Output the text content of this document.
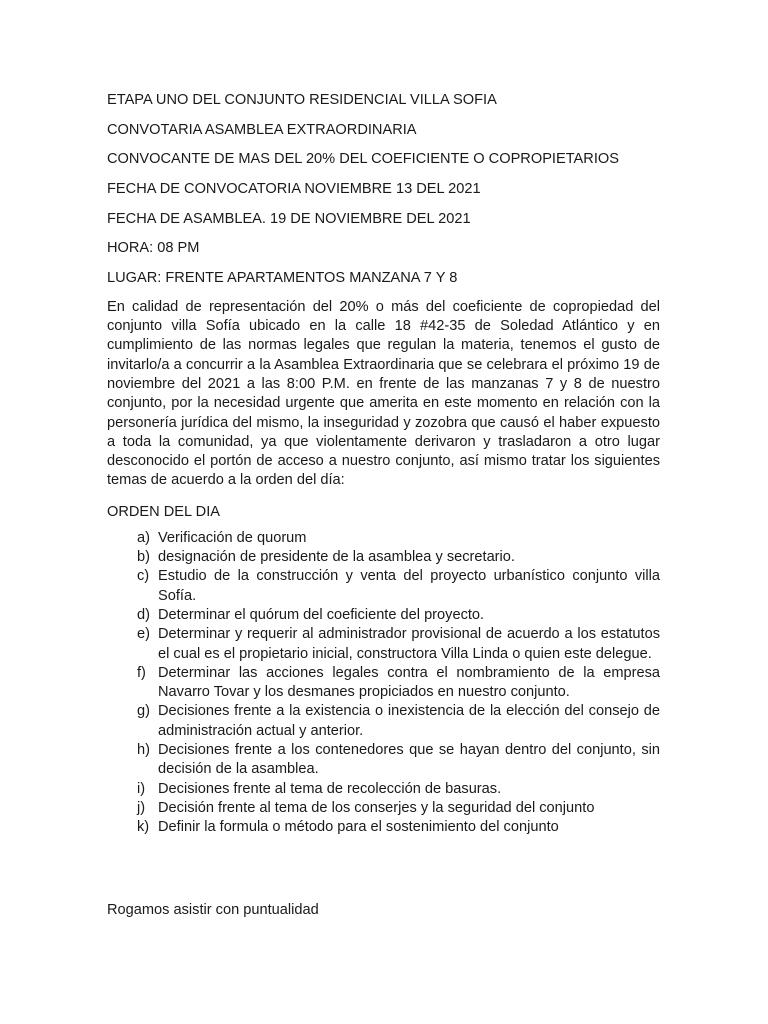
ETAPA UNO DEL CONJUNTO RESIDENCIAL VILLA SOFIA

CONVOTARIA ASAMBLEA EXTRAORDINARIA

CONVOCANTE DE MAS DEL 20% DEL COEFICIENTE O COPROPIETARIOS

FECHA DE CONVOCATORIA NOVIEMBRE 13 DEL 2021

FECHA DE ASAMBLEA. 19 DE NOVIEMBRE DEL 2021

HORA: 08 PM

LUGAR: FRENTE APARTAMENTOS MANZANA 7 Y 8

En calidad de representación del 20% o más del coeficiente de copropiedad del conjunto villa Sofía ubicado en la calle 18 #42-35 de Soledad Atlántico y en cumplimiento de las normas legales que regulan la materia, tenemos el gusto de invitarlo/a a concurrir a la Asamblea Extraordinaria que se celebrara el próximo 19 de noviembre del 2021 a las 8:00 P.M. en frente de las manzanas 7 y 8 de nuestro conjunto, por la necesidad urgente que amerita en este momento en relación con la personería jurídica del mismo, la inseguridad y zozobra que causó el haber expuesto a toda la comunidad, ya que violentamente derivaron y trasladaron a otro lugar desconocido el portón de acceso a nuestro conjunto, así mismo tratar los siguientes temas de acuerdo a la orden del día:

ORDEN DEL DIA

a) Verificación de quorum
b) designación de presidente de la asamblea y secretario.
c) Estudio de la construcción y venta del proyecto urbanístico conjunto villa Sofía.
d) Determinar el quórum del coeficiente del proyecto.
e) Determinar y requerir al administrador provisional de acuerdo a los estatutos el cual es el propietario inicial, constructora Villa Linda o quien este delegue.
f) Determinar las acciones legales contra el nombramiento de la empresa Navarro Tovar y los desmanes propiciados en nuestro conjunto.
g) Decisiones frente a la existencia o inexistencia de la elección del consejo de administración actual y anterior.
h) Decisiones frente a los contenedores que se hayan dentro del conjunto, sin decisión de la asamblea.
i) Decisiones frente al tema de recolección de basuras.
j) Decisión frente al tema de los conserjes y la seguridad del conjunto
k) Definir la formula o método para el sostenimiento del conjunto

Rogamos asistir con puntualidad
